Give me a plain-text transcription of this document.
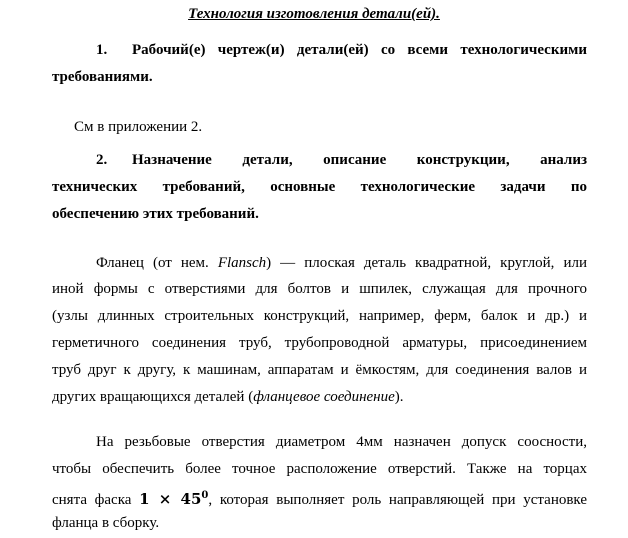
Технология изготовления детали(ей).
1. Рабочий(е) чертеж(и) детали(ей) со всеми технологическими
требованиями.
См в приложении 2.
2. Назначение детали, описание конструкции, анализ
технических требований, основные технологические задачи по
обеспечению этих требований.
Фланец (от нем. Flansch) — плоская деталь квадратной, круглой, или
иной формы с отверстиями для болтов и шпилек, служащая для прочного
(узлы длинных строительных конструкций, например, ферм, балок и др.) и
герметичного соединения труб, трубопроводной арматуры, присоединением
труб друг к другу, к машинам, аппаратам и ёмкостям, для соединения валов и
других вращающихся деталей (фланцевое соединение).
На резьбовые отверстия диаметром 4мм назначен допуск соосности,
чтобы обеспечить более точное расположение отверстий. Также на торцах
снята фаска $1 \times 45^0$, которая выполняет роль направляющей при установке
фланца в сборку.
